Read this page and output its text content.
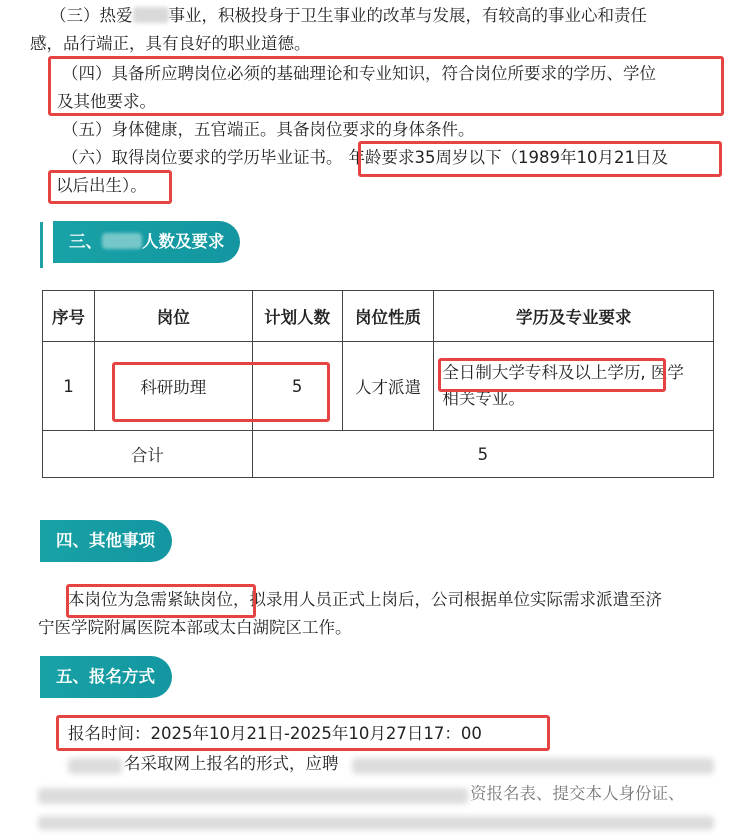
（三）热爱 事业，积极投身于卫生事业的改革与发展，有较高的事业心和责任

感，品行端正，具有良好的职业道德。

（四）具备所应聘岗位必须的基础理论和专业知识，符合岗位所要求的学历、学位

及其他要求。

（五）身体健康，五官端正。具备岗位要求的身体条件。

（六）取得岗位要求的学历毕业证书。 年龄要求35周岁以下（1989年10月21日及

以后出生）。

三、 人数及要求
序号	岗位	计划人数	岗位性质	学历及专业要求
1	科研助理	5	人才派遣	全日制大学专科及以上学历, 医学
相关专业。
合计		5		
四、其他事项

本岗位为急需紧缺岗位，拟录用人员正式上岗后，公司根据单位实际需求派遣至济

宁医学院附属医院本部或太白湖院区工作。

五、报名方式

报名时间：2025年10月21日-2025年10月27日17：00

名采取网上报名的形式，应聘

资报名表、提交本人身份证、
